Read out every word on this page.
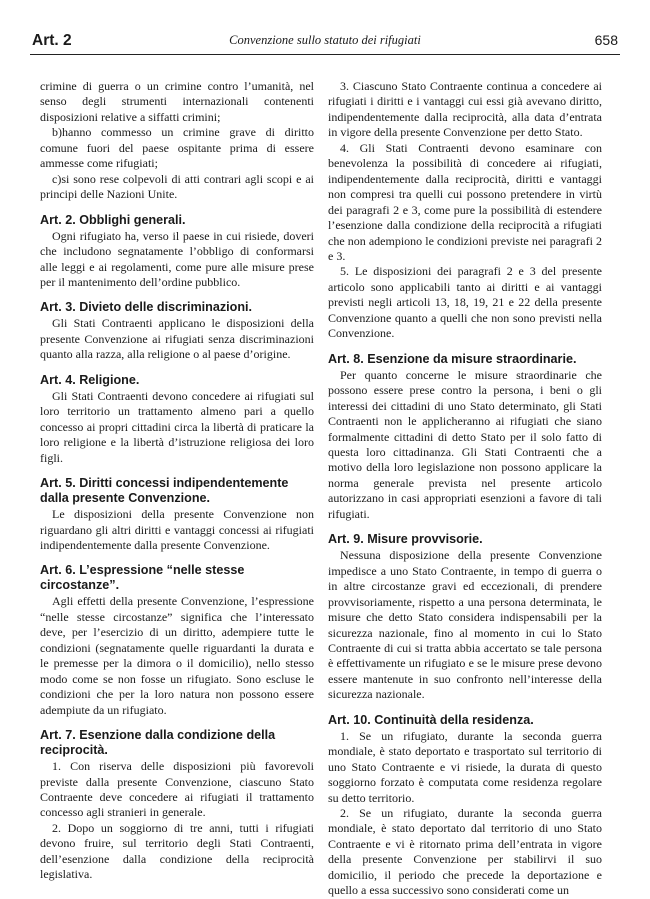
Art. 2	Convenzione sullo statuto dei rifugiati	658

crimine di guerra o un crimine contro l’umanità, nel senso degli strumenti internazionali contenenti disposizioni relative a siffatti crimini;

b)hanno commesso un crimine grave di diritto comune fuori del paese ospitante prima di essere ammesse come rifugiati;

c)si sono rese colpevoli di atti contrari agli scopi e ai principi delle Nazioni Unite.

Art. 2. Obblighi generali.

Ogni rifugiato ha, verso il paese in cui risiede, doveri che includono segnatamente l’obbligo di conformarsi alle leggi e ai regolamenti, come pure alle misure prese per il mantenimento dell’ordine pubblico.

Art. 3. Divieto delle discriminazioni.

Gli Stati Contraenti applicano le disposizioni della presente Convenzione ai rifugiati senza discriminazioni quanto alla razza, alla religione o al paese d’origine.

Art. 4. Religione.

Gli Stati Contraenti devono concedere ai rifugiati sul loro territorio un trattamento almeno pari a quello concesso ai propri cittadini circa la libertà di praticare la loro religione e la libertà d’istruzione religiosa dei loro figli.

Art. 5. Diritti concessi indipendentemente dalla presente Convenzione.

Le disposizioni della presente Convenzione non riguardano gli altri diritti e vantaggi concessi ai rifugiati indipendentemente dalla presente Convenzione.

Art. 6. L’espressione “nelle stesse circostanze”.

Agli effetti della presente Convenzione, l’espressione “nelle stesse circostanze” significa che l’interessato deve, per l’esercizio di un diritto, adempiere tutte le condizioni (segnatamente quelle riguardanti la durata e le premesse per la dimora o il domicilio), nello stesso modo come se non fosse un rifugiato. Sono escluse le condizioni che per la loro natura non possono essere adempiute da un rifugiato.

Art. 7. Esenzione dalla condizione della reciprocità.

1. Con riserva delle disposizioni più favorevoli previste dalla presente Convenzione, ciascuno Stato Contraente deve concedere ai rifugiati il trattamento concesso agli stranieri in generale.

2. Dopo un soggiorno di tre anni, tutti i rifugiati devono fruire, sul territorio degli Stati Contraenti, dell’esenzione dalla condizione della reciprocità legislativa.

3. Ciascuno Stato Contraente continua a concedere ai rifugiati i diritti e i vantaggi cui essi già avevano diritto, indipendentemente dalla reciprocità, alla data d’entrata in vigore della presente Convenzione per detto Stato.

4. Gli Stati Contraenti devono esaminare con benevolenza la possibilità di concedere ai rifugiati, indipendentemente dalla reciprocità, diritti e vantaggi non compresi tra quelli cui possono pretendere in virtù dei paragrafi 2 e 3, come pure la possibilità di estendere l’esenzione dalla condizione della reciprocità a rifugiati che non adempiono le condizioni previste nei paragrafi 2 e 3.

5. Le disposizioni dei paragrafi 2 e 3 del presente articolo sono applicabili tanto ai diritti e ai vantaggi previsti negli articoli 13, 18, 19, 21 e 22 della presente Convenzione quanto a quelli che non sono previsti nella Convenzione.

Art. 8. Esenzione da misure straordinarie.

Per quanto concerne le misure straordinarie che possono essere prese contro la persona, i beni o gli interessi dei cittadini di uno Stato determinato, gli Stati Contraenti non le applicheranno ai rifugiati che siano formalmente cittadini di detto Stato per il solo fatto di questa loro cittadinanza. Gli Stati Contraenti che a motivo della loro legislazione non possono applicare la norma generale prevista nel presente articolo autorizzano in casi appropriati esenzioni a favore di tali rifugiati.

Art. 9. Misure provvisorie.

Nessuna disposizione della presente Convenzione impedisce a uno Stato Contraente, in tempo di guerra o in altre circostanze gravi ed eccezionali, di prendere provvisoriamente, rispetto a una persona determinata, le misure che detto Stato considera indispensabili per la sicurezza nazionale, fino al momento in cui lo Stato Contraente di cui si tratta abbia accertato se tale persona è effettivamente un rifugiato e se le misure prese devono essere mantenute in suo confronto nell’interesse della sicurezza nazionale.

Art. 10. Continuità della residenza.

1. Se un rifugiato, durante la seconda guerra mondiale, è stato deportato e trasportato sul territorio di uno Stato Contraente e vi risiede, la durata di questo soggiorno forzato è computata come residenza regolare su detto territorio.

2. Se un rifugiato, durante la seconda guerra mondiale, è stato deportato dal territorio di uno Stato Contraente e vi è ritornato prima dell’entrata in vigore della presente Convenzione per stabilirvi il suo domicilio, il periodo che precede la deportazione e quello a essa successivo sono considerati come un
